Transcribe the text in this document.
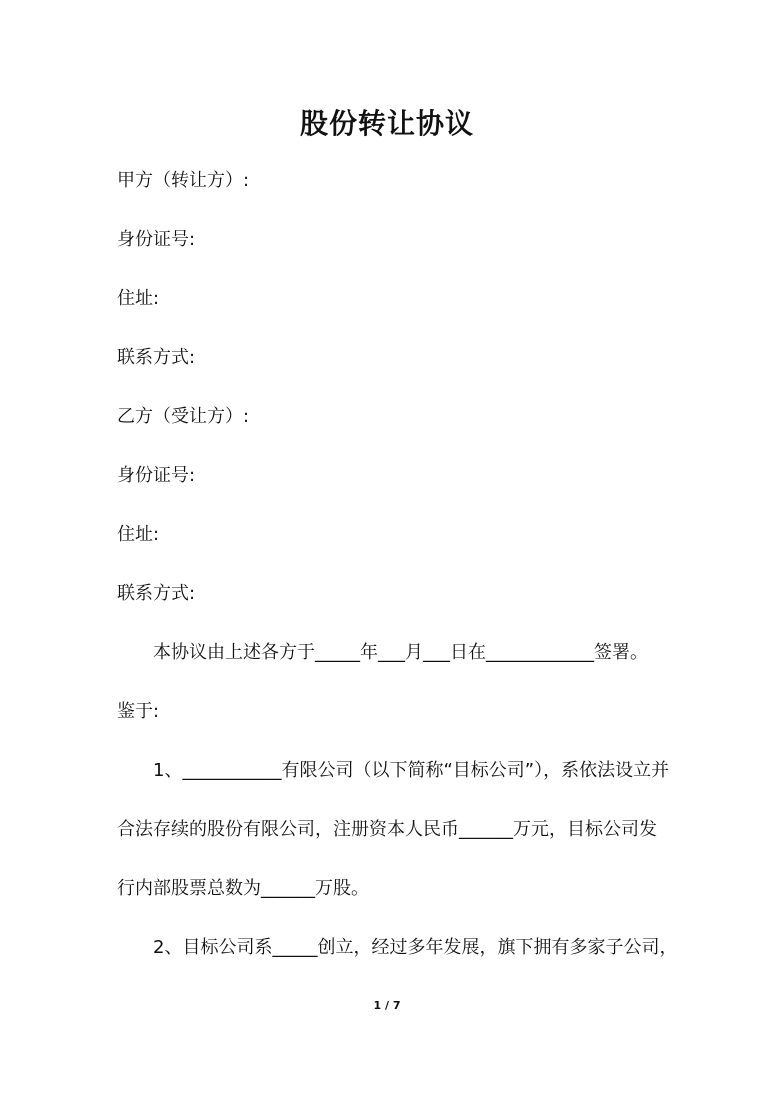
股份转让协议
甲方（转让方）:
身份证号:
住址:
联系方式:
乙方（受让方）:
身份证号:
住址:
联系方式:
本协议由上述各方于_____年___月___日在____________签署。
鉴于:
1、___________有限公司（以下简称“目标公司”），系依法设立并
合法存续的股份有限公司，注册资本人民币______万元，目标公司发
行内部股票总数为______万股。
2、目标公司系_____创立，经过多年发展，旗下拥有多家子公司，
1 / 7
